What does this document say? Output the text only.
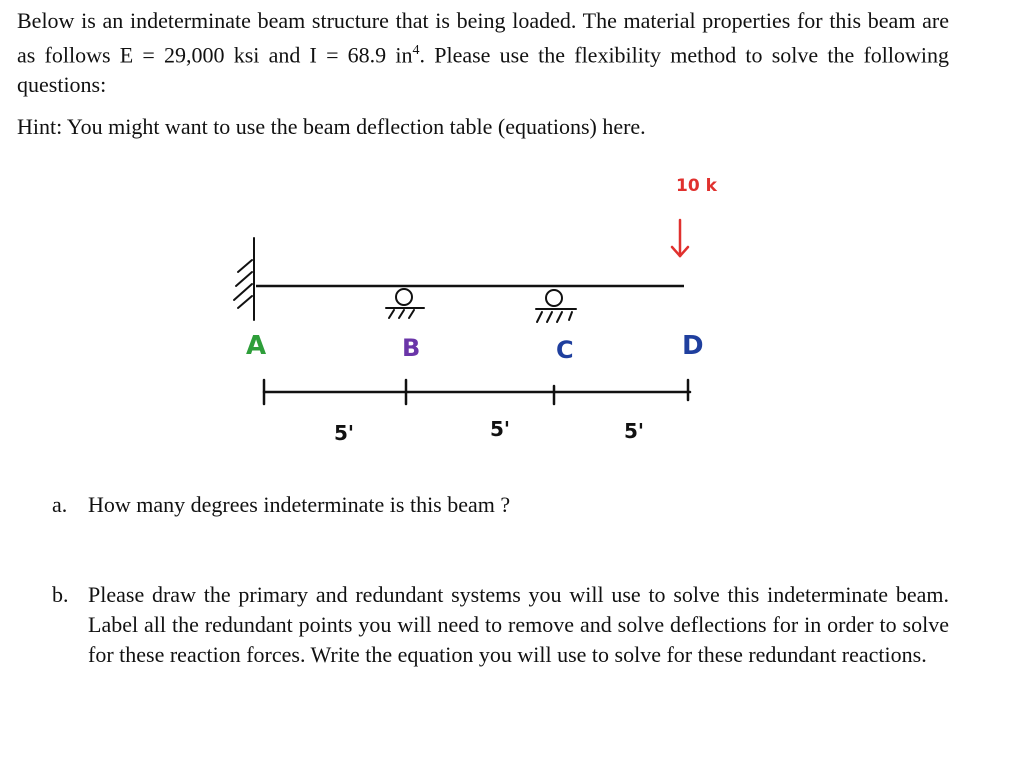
Below is an indeterminate beam structure that is being loaded. The material properties for this beam are as follows E = 29,000 ksi and I = 68.9 $in^4$. Please use the flexibility method to solve the following questions:
Hint: You might want to use the beam deflection table (equations) here.
A	B	C	D
10 k
5'	5'	5'
a. How many degrees indeterminate is this beam ?
b. Please draw the primary and redundant systems you will use to solve this indeterminate beam. Label all the redundant points you will need to remove and solve deflections for in order to solve for these reaction forces. Write the equation you will use to solve for these redundant reactions.
